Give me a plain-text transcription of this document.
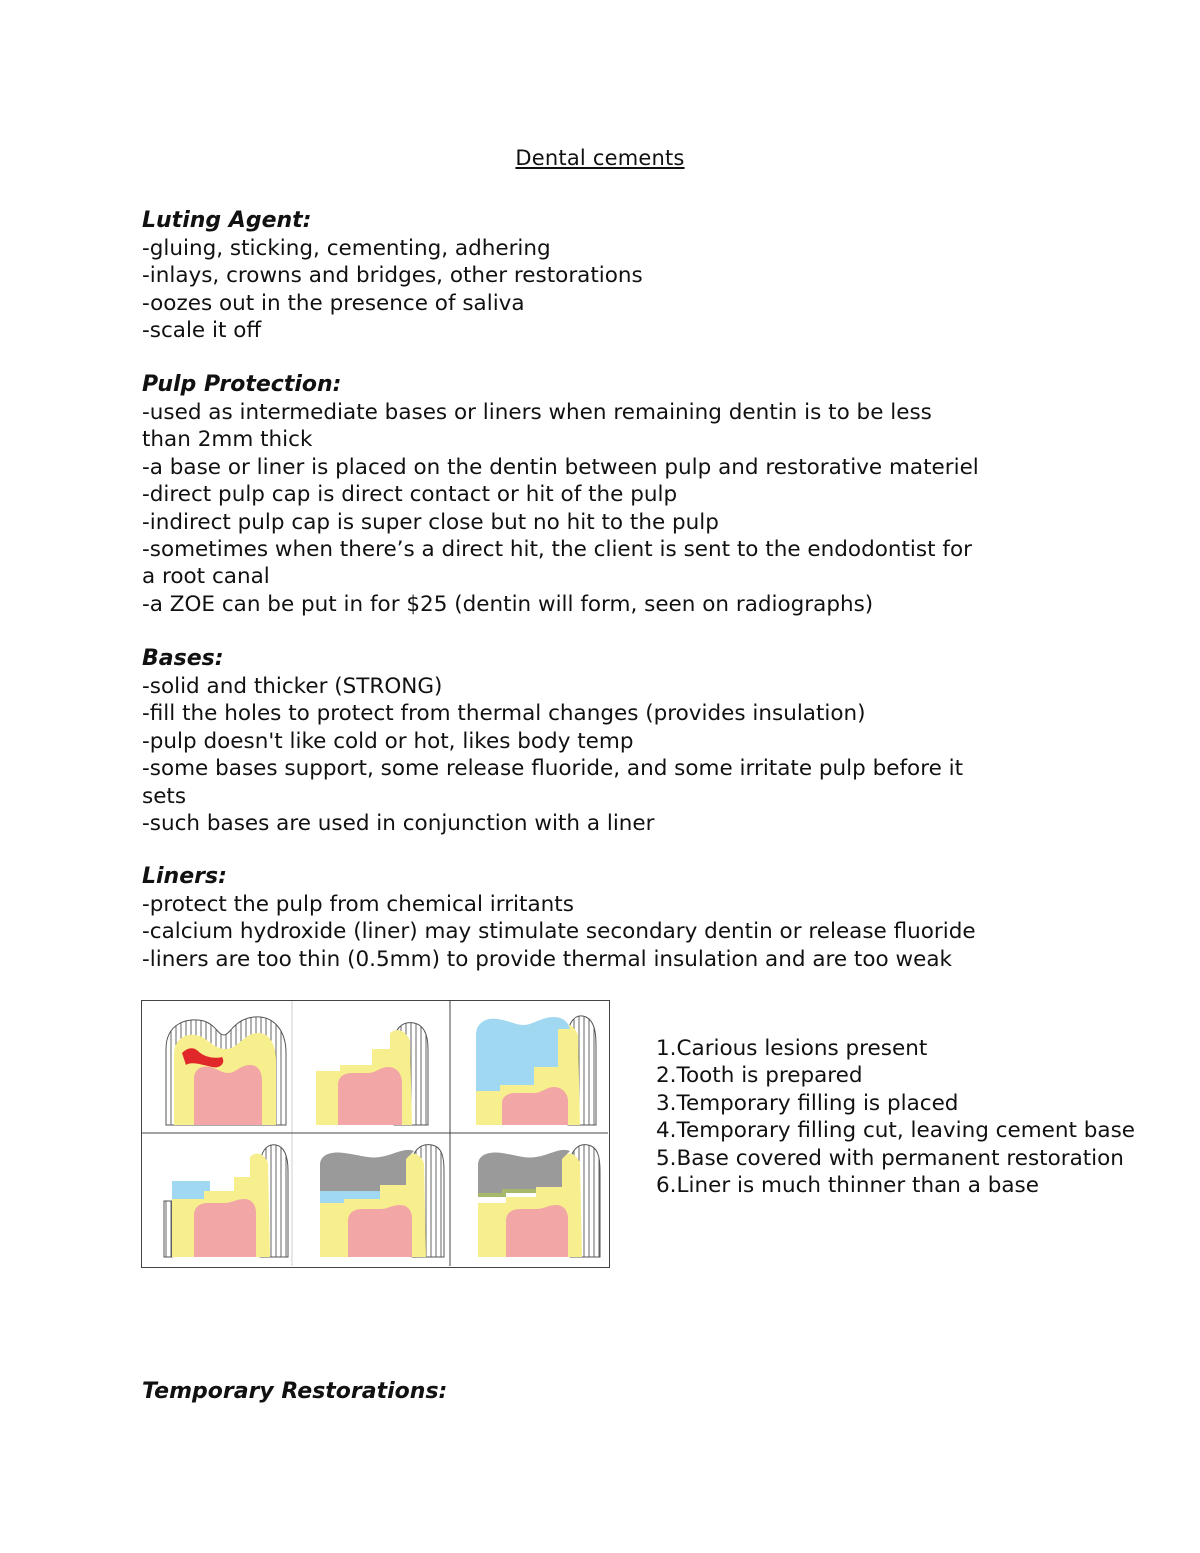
Dental cements
Luting Agent:
-gluing, sticking, cementing, adhering
-inlays, crowns and bridges, other restorations
-oozes out in the presence of saliva
-scale it off
Pulp Protection:
-used as intermediate bases or liners when remaining dentin is to be less
than 2mm thick
-a base or liner is placed on the dentin between pulp and restorative materiel
-direct pulp cap is direct contact or hit of the pulp
-indirect pulp cap is super close but no hit to the pulp
-sometimes when there’s a direct hit, the client is sent to the endodontist for
a root canal
-a ZOE can be put in for $25 (dentin will form, seen on radiographs)
Bases:
-solid and thicker (STRONG)
-fill the holes to protect from thermal changes (provides insulation)
-pulp doesn't like cold or hot, likes body temp
-some bases support, some release fluoride, and some irritate pulp before it
sets
-such bases are used in conjunction with a liner
Liners:
-protect the pulp from chemical irritants
-calcium hydroxide (liner) may stimulate secondary dentin or release fluoride
-liners are too thin (0.5mm) to provide thermal insulation and are too weak
1.Carious lesions present
2.Tooth is prepared
3.Temporary filling is placed
4.Temporary filling cut, leaving cement base
5.Base covered with permanent restoration
6.Liner is much thinner than a base
Temporary Restorations:
